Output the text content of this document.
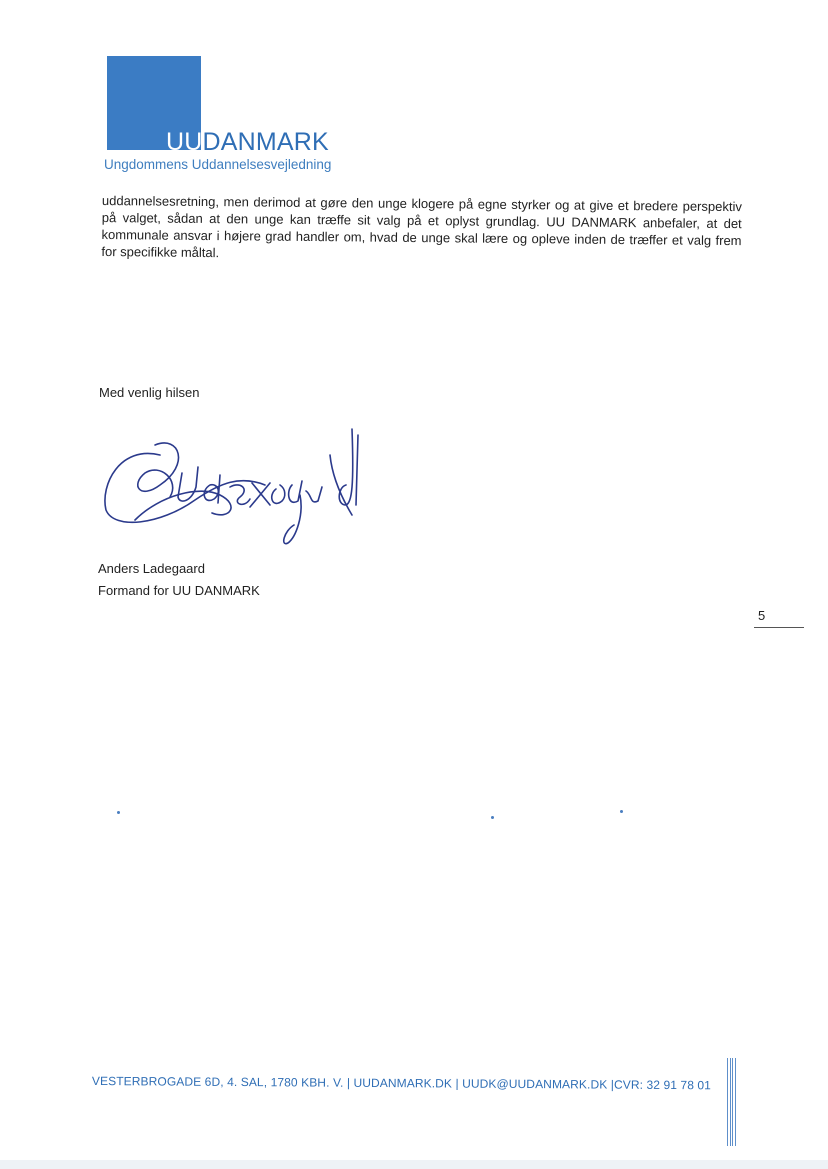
UUDANMARK
Ungdommens Uddannelsesvejledning
uddannelsesretning, men derimod at gøre den unge klogere på egne styrker og at give et bredere perspektiv
på valget, sådan at den unge kan træffe sit valg på et oplyst grundlag. UU DANMARK anbefaler, at det
kommunale ansvar i højere grad handler om, hvad de unge skal lære og opleve inden de træffer et valg frem
for specifikke måltal.
Med venlig hilsen
Anders Ladegaard
Formand for UU DANMARK
5
VESTERBROGADE 6D, 4. SAL, 1780 KBH. V. | UUDANMARK.DK | UUDK@UUDANMARK.DK |CVR: 32 91 78 01
